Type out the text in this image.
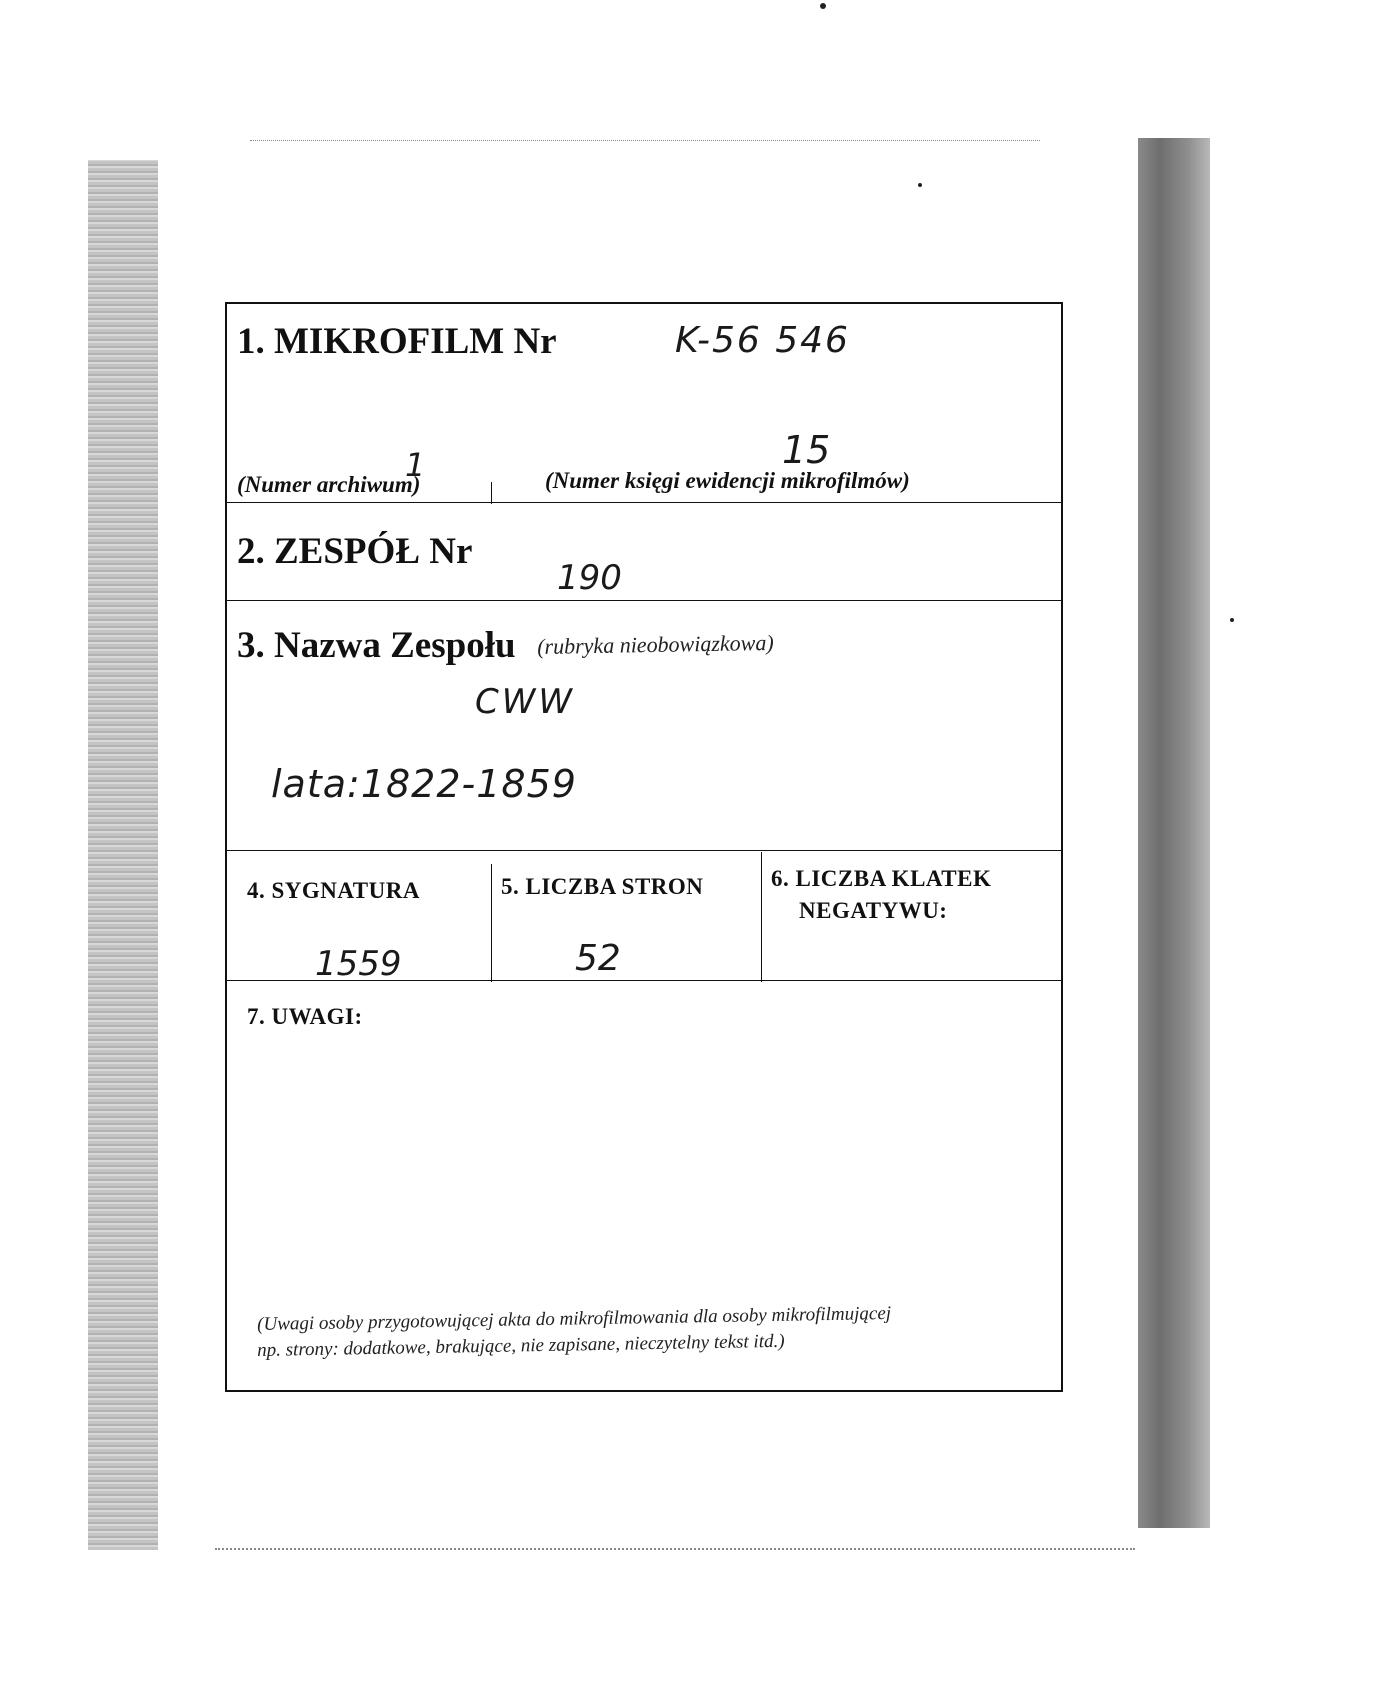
1. MIKROFILM Nr	K-56 546
1	15
(Numer archiwum)	(Numer księgi ewidencji mikrofilmów)
2. ZESPÓŁ Nr
190
3. Nazwa Zespołu (rubryka nieobowiązkowa)
CWW
lata:1822-1859
4. SYGNATURA
1559
5. LICZBA STRON
52
6. LICZBA KLATEK
NEGATYWU:
7. UWAGI:
(Uwagi osoby przygotowującej akta do mikrofilmowania dla osoby mikrofilmującej
np. strony: dodatkowe, brakujące, nie zapisane, nieczytelny tekst itd.)
